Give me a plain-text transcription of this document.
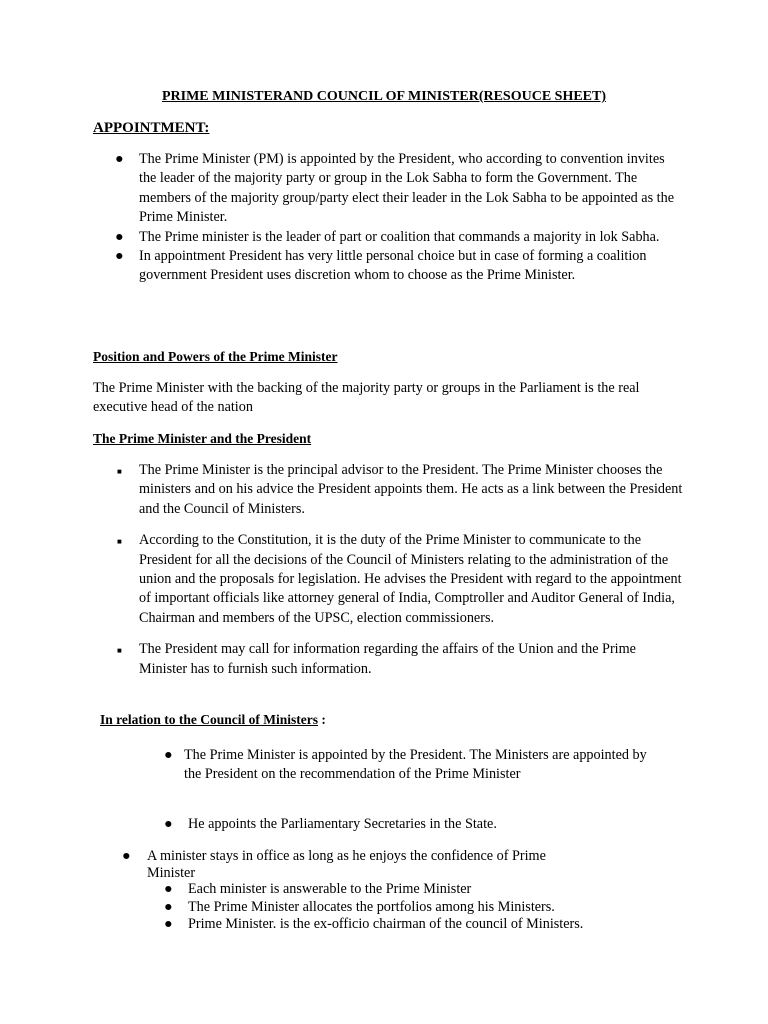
PRIME MINISTERAND COUNCIL OF MINISTER(RESOUCE SHEET)
APPOINTMENT:
● The Prime Minister (PM) is appointed by the President, who according to convention invites the leader of the majority party or group in the Lok Sabha to form the Government. The members of the majority group/party elect their leader in the Lok Sabha to be appointed as the Prime Minister.
● The Prime minister is the leader of part or coalition that commands a majority in lok Sabha.
● In appointment President has very little personal choice but in case of forming a coalition government President uses discretion whom to choose as the Prime Minister.
Position and Powers of the Prime Minister
The Prime Minister with the backing of the majority party or groups in the Parliament is the real executive head of the nation
The Prime Minister and the President
■ The Prime Minister is the principal advisor to the President. The Prime Minister chooses the ministers and on his advice the President appoints them. He acts as a link between the President and the Council of Ministers.
■ According to the Constitution, it is the duty of the Prime Minister to communicate to the President for all the decisions of the Council of Ministers relating to the administration of the union and the proposals for legislation. He advises the President with regard to the appointment of important officials like attorney general of India, Comptroller and Auditor General of India, Chairman and members of the UPSC, election commissioners.
■ The President may call for information regarding the affairs of the Union and the Prime Minister has to furnish such information.
In relation to the Council of Ministers :
● The Prime Minister is appointed by the President. The Ministers are appointed by the President on the recommendation of the Prime Minister
● He appoints the Parliamentary Secretaries in the State.
● A minister stays in office as long as he enjoys the confidence of Prime Minister
● Each minister is answerable to the Prime Minister
● The Prime Minister allocates the portfolios among his Ministers.
● Prime Minister. is the ex-officio chairman of the council of Ministers.
